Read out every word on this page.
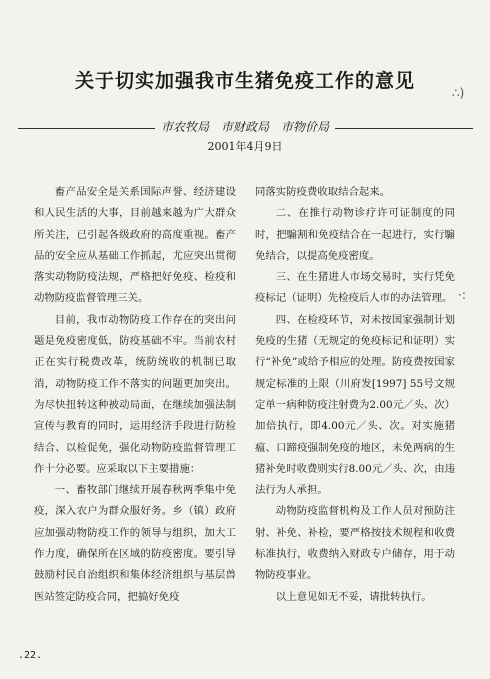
关于切实加强我市生猪免疫工作的意见
市农牧局　市财政局　市物价局
2001年4月9日

畜产品安全是关系国际声誉、经济建设和人民生活的大事，目前越来越为广大群众所关注，已引起各级政府的高度重视。畜产品的安全应从基础工作抓起，尤应突出贯彻落实动物防疫法规，严格把好免疫、检疫和动物防疫监督管理三关。

目前，我市动物防疫工作存在的突出问题是免疫密度低，防疫基础不牢。当前农村正在实行税费改革，统防统收的机制已取消，动物防疫工作不落实的问题更加突出。为尽快扭转这种被动局面，在继续加强法制宣传与教育的同时，运用经济手段进行防检结合、以检促免，强化动物防疫监督管理工作十分必要。应采取以下主要措施：

一、畜牧部门继续开展春秋两季集中免疫，深入农户为群众服好务。乡（镇）政府应加强动物防疫工作的领导与组织，加大工作力度，确保所在区域的防疫密度。要引导鼓励村民自治组织和集体经济组织与基层兽医站签定防疫合同，把搞好免疫

同落实防疫费收取结合起来。

二、在推行动物诊疗许可证制度的同时，把騸割和免疫结合在一起进行，实行騸免结合，以提高免疫密度。

三、在生猪进人市场交易时，实行凭免疫标记（证明）先检疫后人市的办法管理。

四、在检疫环节，对未按国家强制计划免疫的生猪（无规定的免疫标记和证明）实行“补免”或给予相应的处理。防疫费按国家规定标准的上限（川府发[1997] 55号文规定单一病种防疫注射费为2.00元／头、次）加倍执行，即4.00元／头、次。对实施猪瘟、口蹄疫强制免疫的地区，未免两病的生猪补免时收费则实行8.00元／头、次，由违法行为人承担。

动物防疫监督机构及工作人员对预防注射、补免、补检，要严格按技术规程和收费标准执行，收费纳入财政专户储存，用于动物防疫事业。

以上意见如无不妥，请批转执行。

.22.
∴)
·:
